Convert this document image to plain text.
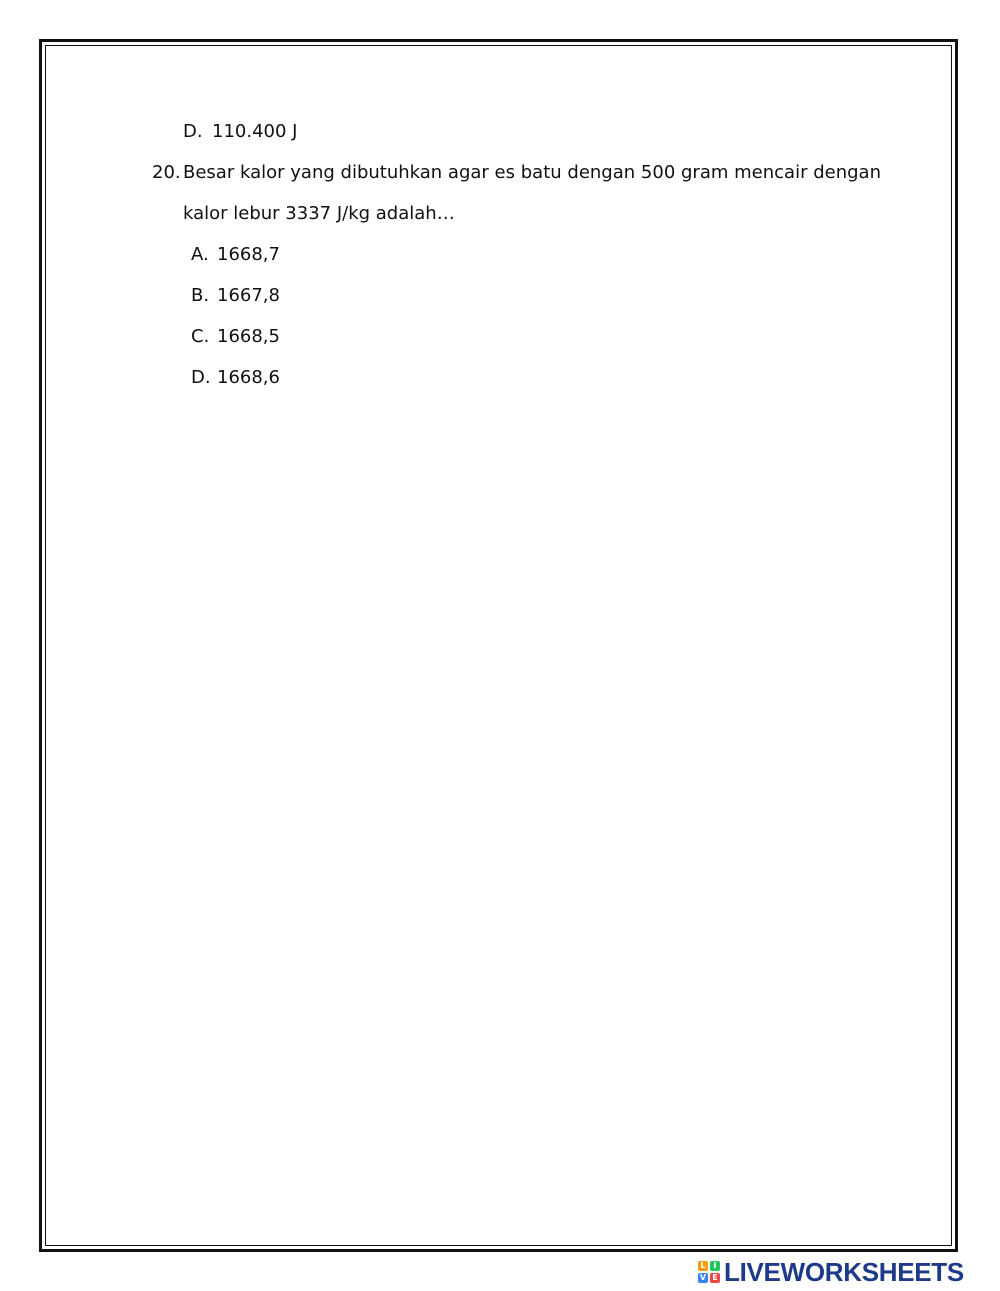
D. 110.400 J
20. Besar kalor yang dibutuhkan agar es batu dengan 500 gram mencair dengan
kalor lebur 3337 J/kg adalah…
A. 1668,7
B. 1667,8
C. 1668,5
D. 1668,6
L I
V E LIVEWORKSHEETS
